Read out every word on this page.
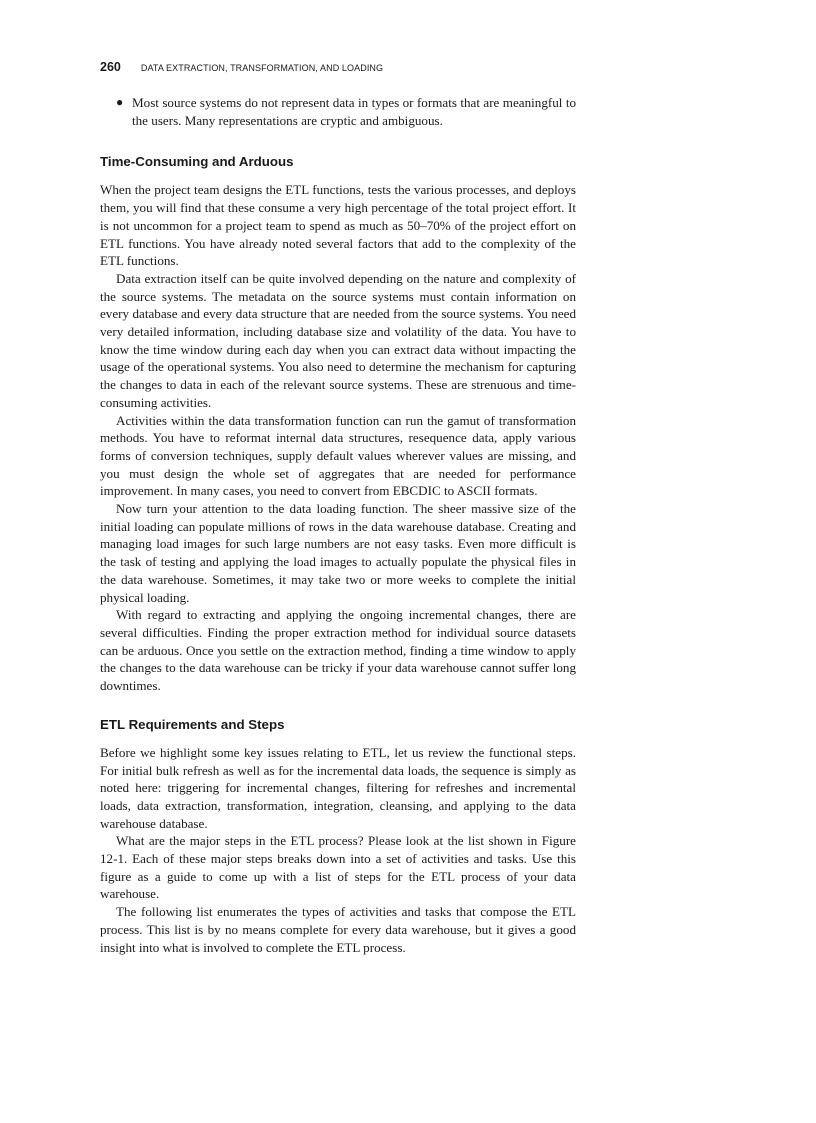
260 DATA EXTRACTION, TRANSFORMATION, AND LOADING
● Most source systems do not represent data in types or formats that are meaningful to the users. Many representations are cryptic and ambiguous.
Time-Consuming and Arduous

When the project team designs the ETL functions, tests the various processes, and deploys them, you will find that these consume a very high percentage of the total project effort. It is not uncommon for a project team to spend as much as 50–70% of the project effort on ETL functions. You have already noted several factors that add to the complexity of the ETL functions.

Data extraction itself can be quite involved depending on the nature and complexity of the source systems. The metadata on the source systems must contain information on every database and every data structure that are needed from the source systems. You need very detailed information, including database size and volatility of the data. You have to know the time window during each day when you can extract data without impacting the usage of the operational systems. You also need to determine the mechanism for capturing the changes to data in each of the relevant source systems. These are strenuous and time-consuming activities.

Activities within the data transformation function can run the gamut of transformation methods. You have to reformat internal data structures, resequence data, apply various forms of conversion techniques, supply default values wherever values are missing, and you must design the whole set of aggregates that are needed for performance improvement. In many cases, you need to convert from EBCDIC to ASCII formats.

Now turn your attention to the data loading function. The sheer massive size of the initial loading can populate millions of rows in the data warehouse database. Creating and managing load images for such large numbers are not easy tasks. Even more difficult is the task of testing and applying the load images to actually populate the physical files in the data warehouse. Sometimes, it may take two or more weeks to complete the initial physical loading.

With regard to extracting and applying the ongoing incremental changes, there are several difficulties. Finding the proper extraction method for individual source datasets can be arduous. Once you settle on the extraction method, finding a time window to apply the changes to the data warehouse can be tricky if your data warehouse cannot suffer long downtimes.

ETL Requirements and Steps

Before we highlight some key issues relating to ETL, let us review the functional steps. For initial bulk refresh as well as for the incremental data loads, the sequence is simply as noted here: triggering for incremental changes, filtering for refreshes and incremental loads, data extraction, transformation, integration, cleansing, and applying to the data warehouse database.

What are the major steps in the ETL process? Please look at the list shown in Figure 12-1. Each of these major steps breaks down into a set of activities and tasks. Use this figure as a guide to come up with a list of steps for the ETL process of your data warehouse.

The following list enumerates the types of activities and tasks that compose the ETL process. This list is by no means complete for every data warehouse, but it gives a good insight into what is involved to complete the ETL process.
